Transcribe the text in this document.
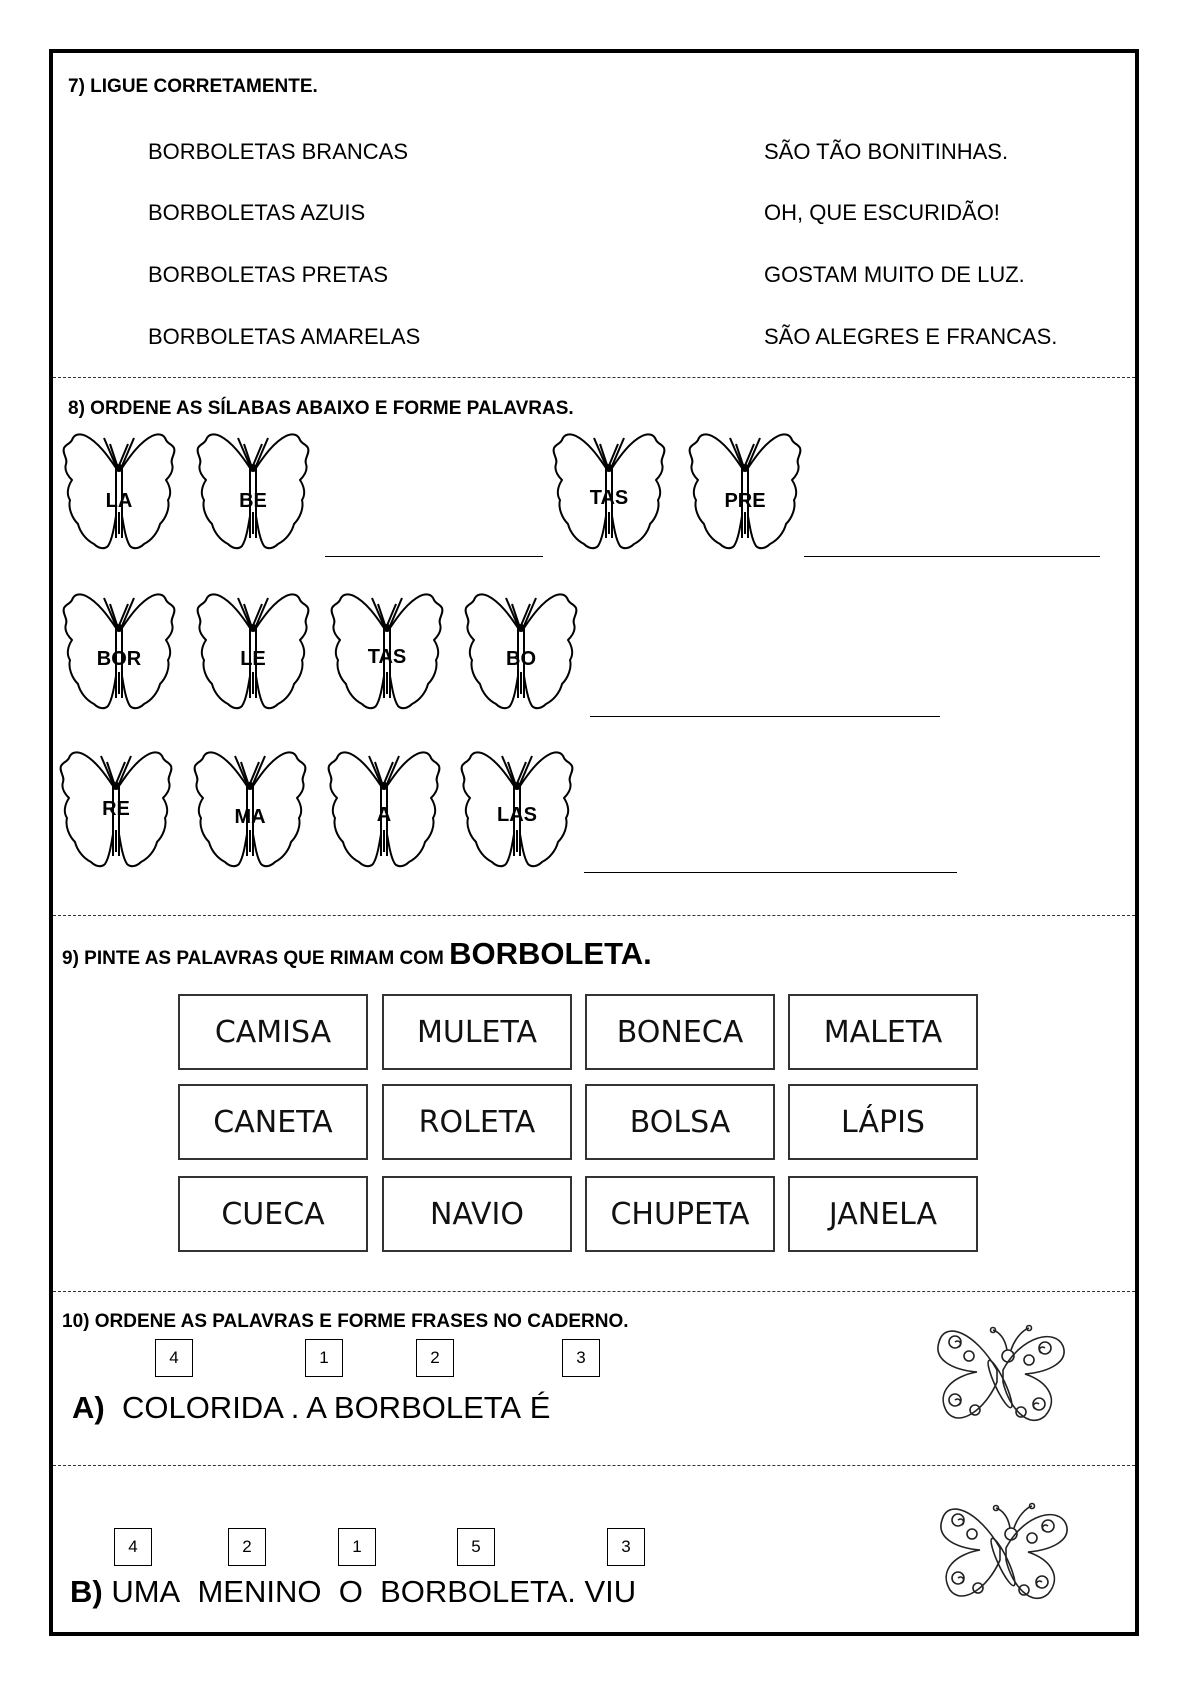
7) LIGUE CORRETAMENTE.
BORBOLETAS BRANCAS
BORBOLETAS AZUIS
BORBOLETAS PRETAS
BORBOLETAS AMARELAS
SÃO TÃO BONITINHAS.
OH, QUE ESCURIDÃO!
GOSTAM MUITO DE LUZ.
SÃO ALEGRES E FRANCAS.
8) ORDENE AS SÍLABAS ABAIXO E FORME PALAVRAS.
LA	BE	TAS	PRE
BOR	LE	TAS	BO
RE	MA	A	LAS
9) PINTE AS PALAVRAS QUE RIMAM COM BORBOLETA.
CAMISA	MULETA	BONECA	MALETA
CANETA	ROLETA	BOLSA	LÁPIS
CUECA	NAVIO	CHUPETA	JANELA
10) ORDENE AS PALAVRAS E FORME FRASES NO CADERNO.
4	1	2	3
A) COLORIDA . A BORBOLETA É
4	2	1	5	3
B) UMA MENINO O BORBOLETA. VIU
